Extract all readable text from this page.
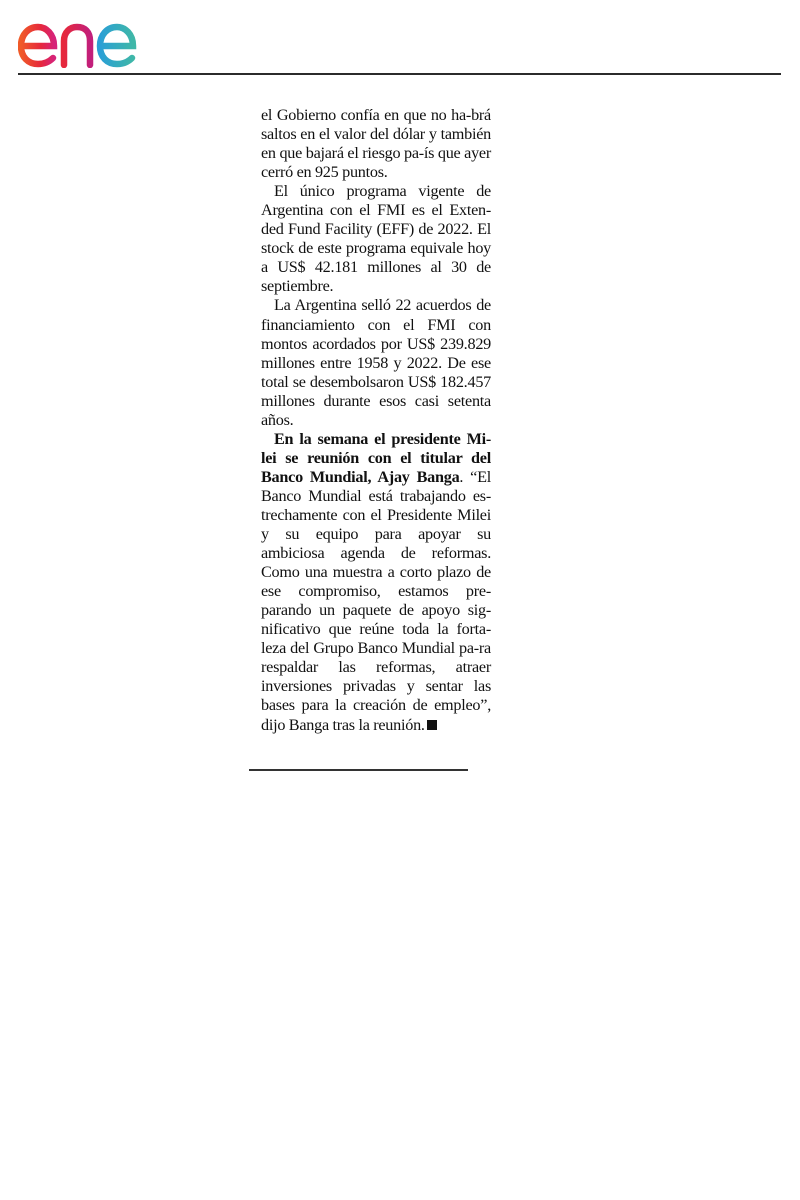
el Gobierno confía en que no ha-brá saltos en el valor del dólar y también en que bajará el riesgo pa-ís que ayer cerró en 925 puntos.

El único programa vigente de Argentina con el FMI es el Exten-ded Fund Facility (EFF) de 2022. El stock de este programa equivale hoy a US$ 42.181 millones al 30 de septiembre.

La Argentina selló 22 acuerdos de financiamiento con el FMI con montos acordados por US$ 239.829 millones entre 1958 y 2022. De ese total se desembolsaron US$ 182.457 millones durante esos casi setenta años.

En la semana el presidente Mi-lei se reunión con el titular del Banco Mundial, Ajay Banga. “El Banco Mundial está trabajando es-trechamente con el Presidente Milei y su equipo para apoyar su ambiciosa agenda de reformas. Como una muestra a corto plazo de ese compromiso, estamos pre-parando un paquete de apoyo sig-nificativo que reúne toda la forta-leza del Grupo Banco Mundial pa-ra respaldar las reformas, atraer inversiones privadas y sentar las bases para la creación de empleo”, dijo Banga tras la reunión.
